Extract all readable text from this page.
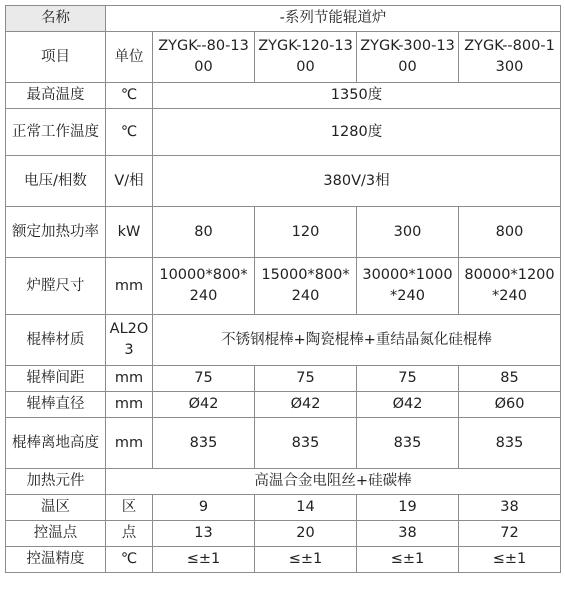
名称	-系列节能辊道炉				
项目	单位	ZYGK--80-1300	ZYGK-120-1300	ZYGK-300-1300	ZYGK--800-1300
最高温度	℃	1350度			
正常工作温度	℃	1280度			
电压/相数	V/相	380V/3相			
额定加热功率	kW	80	120	300	800
炉膛尺寸	mm	10000*800*240	15000*800*240	30000*1000*240	80000*1200*240
棍棒材质	AL2O3	不锈钢棍棒+陶瓷棍棒+重结晶氮化硅棍棒			
辊棒间距	mm	75	75	75	85
辊棒直径	mm	Ø42	Ø42	Ø42	Ø60
棍棒离地高度	mm	835	835	835	835
加热元件	高温合金电阻丝+硅碳棒				
温区	区	9	14	19	38
控温点	点	13	20	38	72
控温精度	℃	≤±1	≤±1	≤±1	≤±1
